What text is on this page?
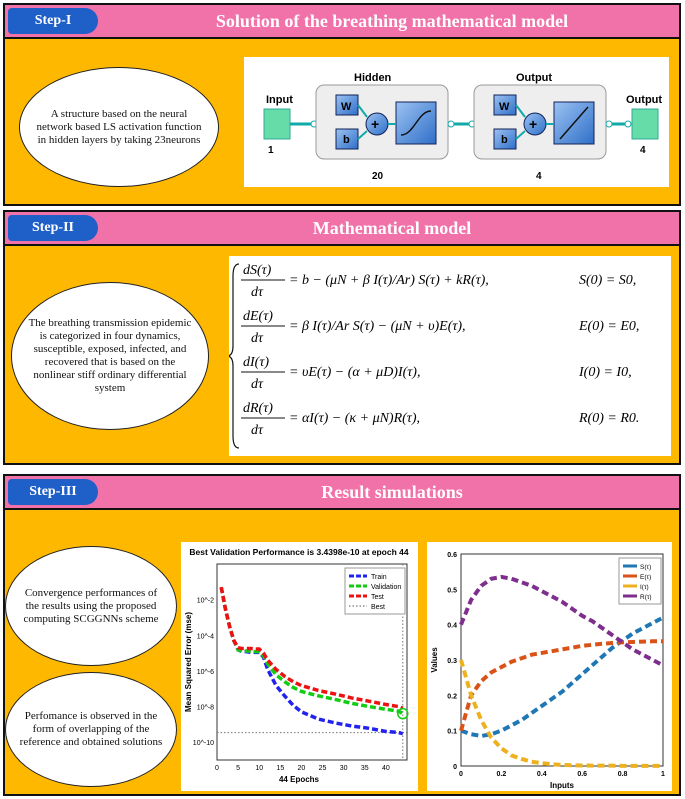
Step-I	Solution of the breathing mathematical model
A structure based on the neural network based LS activation function in hidden layers by taking 23neurons
Input
1
Hidden
W
b
+
20
Output
W
b
+
4
Output
4
Step-II	Mathematical model
The breathing transmission epidemic is categorized in four dynamics, susceptible, exposed, infected, and recovered that is based on the nonlinear stiff ordinary differential system
dS(τ)
dτ
= b − (μN + β I(τ)/Ar) S(τ) + kR(τ),	S(0) = S0,
dE(τ)
dτ
= β I(τ)/Ar S(τ) − (μN + υ)E(τ),	E(0) = E0,
dI(τ)
dτ
= υE(τ) − (α + μD)I(τ),	I(0) = I0,
dR(τ)
dτ
= αI(τ) − (κ + μN)R(τ),	R(0) = R0.
Step-III	Result simulations
Convergence performances of the results using the proposed computing SCGGNNs scheme
Perfomance is observed in the form of overlapping of the reference and obtained solutions
Best Validation Performance is 3.4398e-10 at epoch 44
0 5 10 15 20 25 30 35 40
10^-10
10^-8
10^-6
10^-4
10^-2
44 Epochs
Mean Squared Error (mse)
Train
Validation
Test
Best
0	0.2	0.4	0.6	0.8	1
0
0.1
0.2
0.3
0.4
0.5
0.6
Inputs
Values
S(τ)
E(τ)
I(τ)
R(τ)
